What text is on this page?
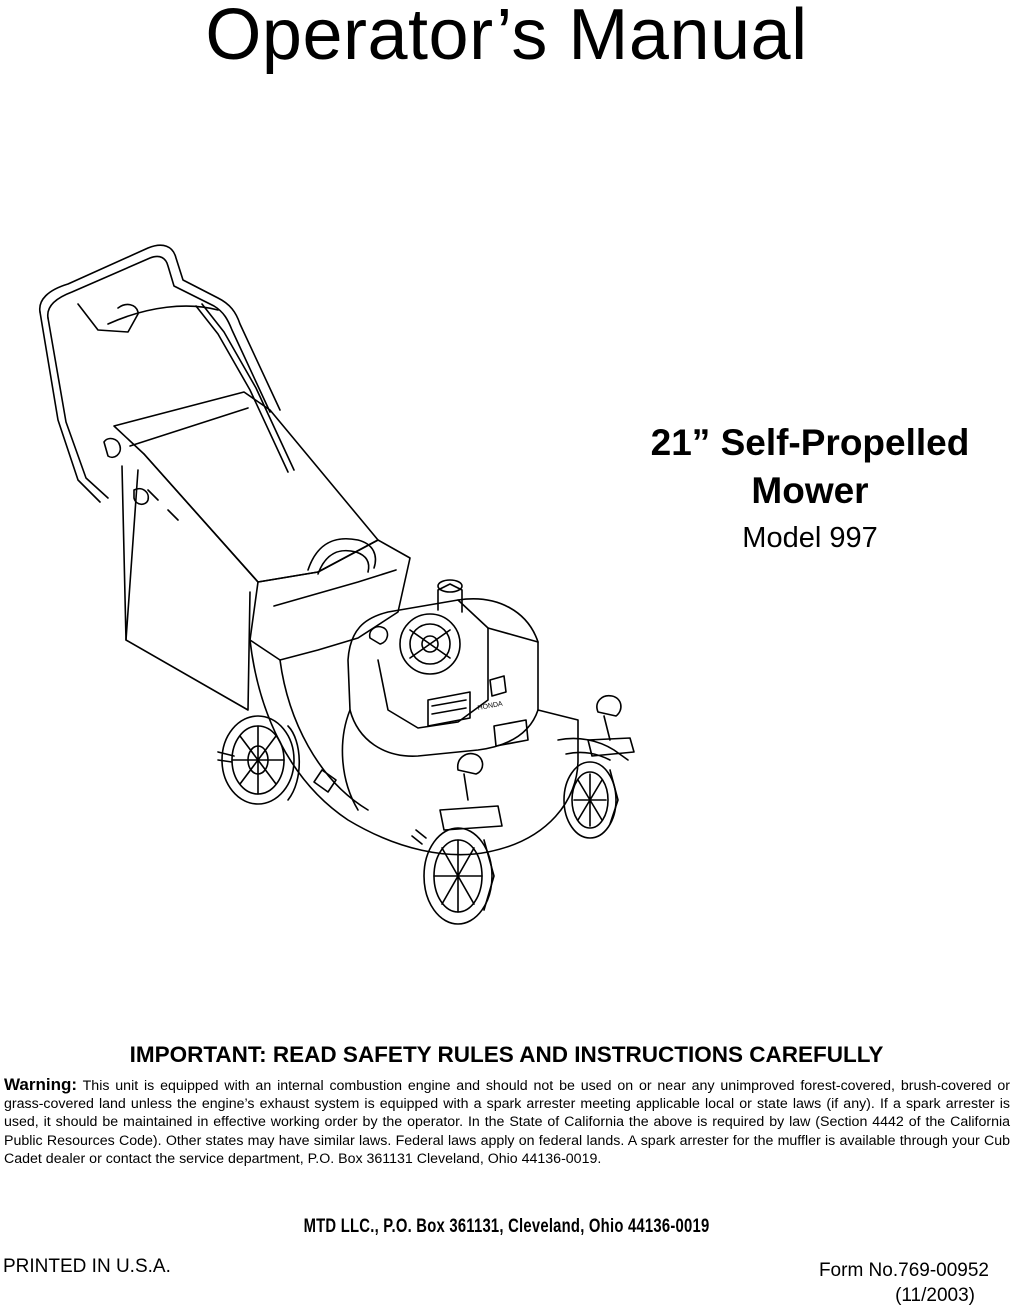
Operator’s Manual
21” Self-Propelled
Mower
Model 997
HONDA
IMPORTANT: READ SAFETY RULES AND INSTRUCTIONS CAREFULLY
Warning: This unit is equipped with an internal combustion engine and should not be used on or near any unimproved forest-covered, brush-covered or grass-covered land unless the engine’s exhaust system is equipped with a spark arrester meeting applicable local or state laws (if any). If a spark arrester is used, it should be maintained in effective working order by the operator. In the State of California the above is required by law (Section 4442 of the California Public Resources Code). Other states may have similar laws. Federal laws apply on federal lands. A spark arrester for the muffler is available through your Cub Cadet dealer or contact the service department, P.O. Box 361131 Cleveland, Ohio 44136-0019.
MTD LLC., P.O. Box 361131, Cleveland, Ohio 44136-0019
PRINTED IN U.S.A.	Form No.769-00952
(11/2003)
